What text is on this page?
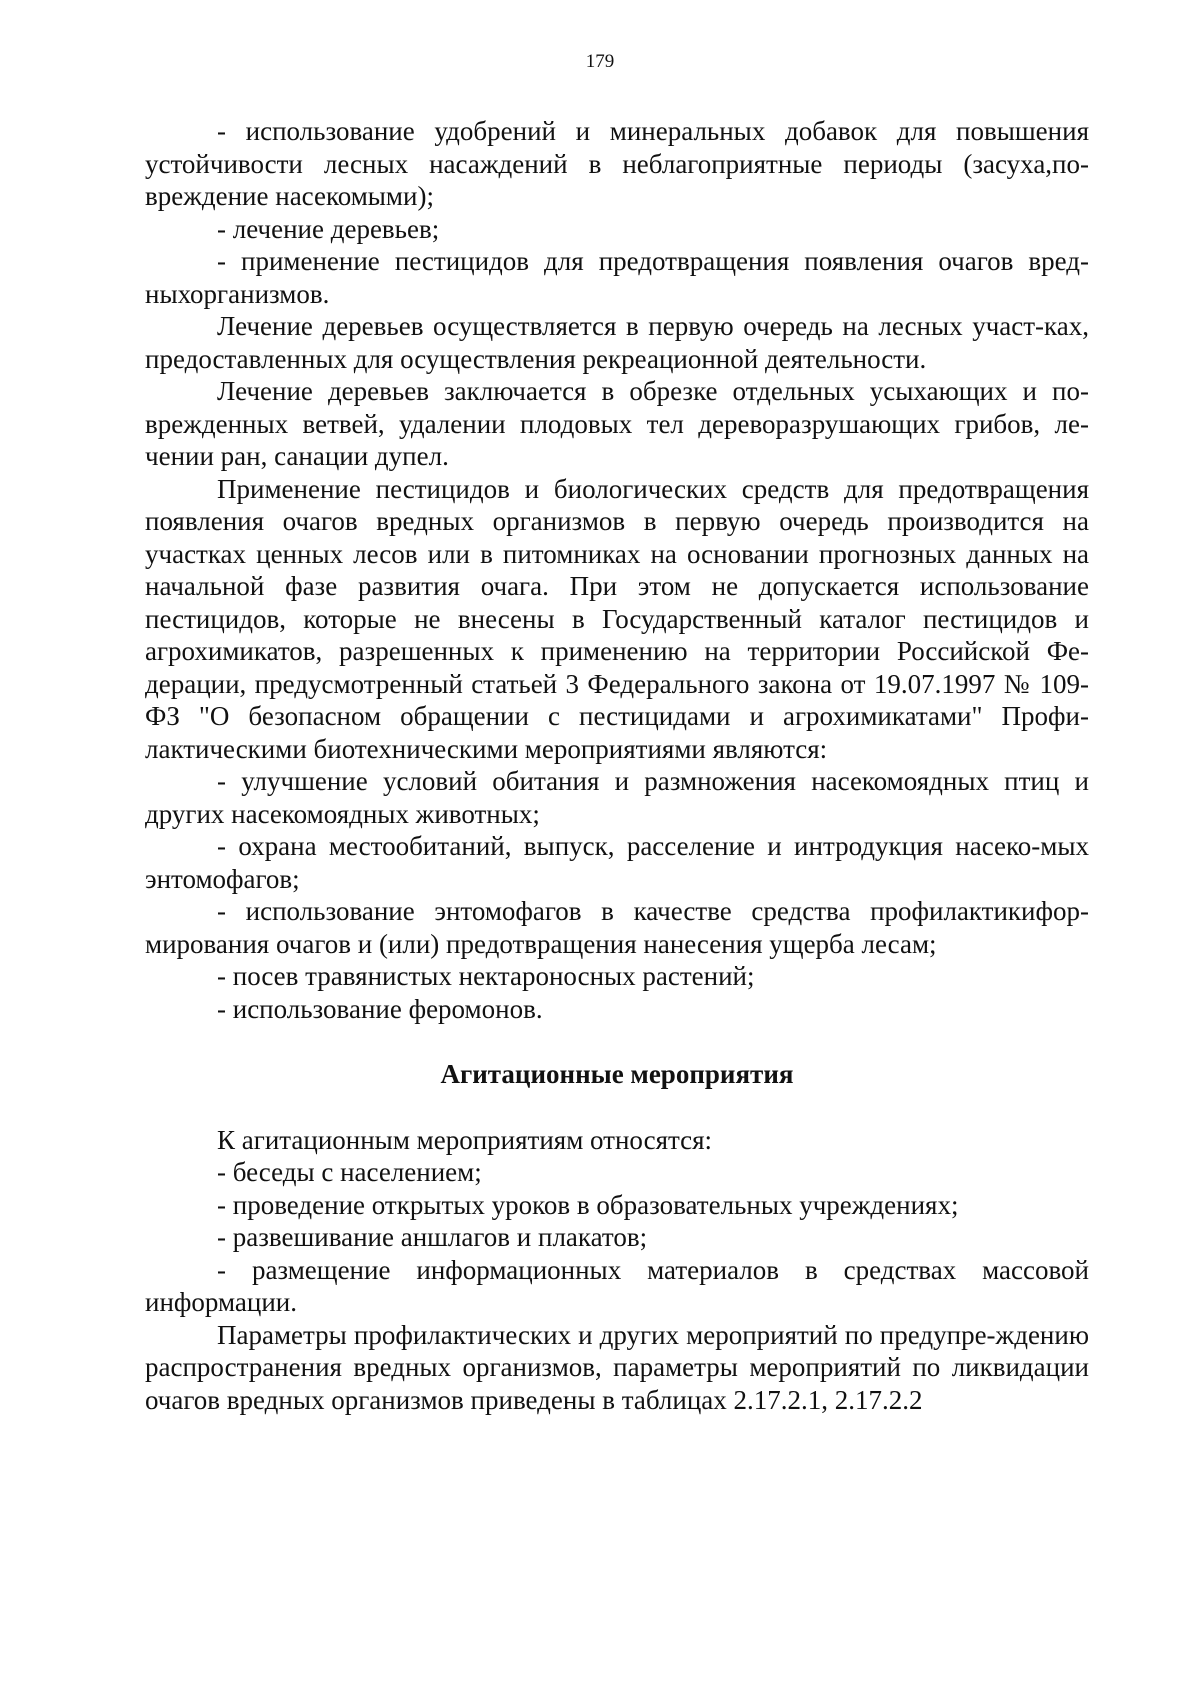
179

- использование удобрений и минеральных добавок для повышения устойчивости лесных насаждений в неблагоприятные периоды (засуха,по-вреждение насекомыми);

- лечение деревьев;

- применение пестицидов для предотвращения появления очагов вред-ныхорганизмов.

Лечение деревьев осуществляется в первую очередь на лесных участ-ках, предоставленных для осуществления рекреационной деятельности.

Лечение деревьев заключается в обрезке отдельных усыхающих и по-врежденных ветвей, удалении плодовых тел дереворазрушающих грибов, ле-чении ран, санации дупел.

Применение пестицидов и биологических средств для предотвращения появления очагов вредных организмов в первую очередь производится на участках ценных лесов или в питомниках на основании прогнозных данных на начальной фазе развития очага. При этом не допускается использование пестицидов, которые не внесены в Государственный каталог пестицидов и агрохимикатов, разрешенных к применению на территории Российской Фе-дерации, предусмотренный статьей 3 Федерального закона от 19.07.1997 № 109-ФЗ "О безопасном обращении с пестицидами и агрохимикатами" Профи-лактическими биотехническими мероприятиями являются:

- улучшение условий обитания и размножения насекомоядных птиц и других насекомоядных животных;

- охрана местообитаний, выпуск, расселение и интродукция насеко-мых энтомофагов;

- использование энтомофагов в качестве средства профилактикифор-мирования очагов и (или) предотвращения нанесения ущерба лесам;

- посев травянистых нектароносных растений;

- использование феромонов.

Агитационные мероприятия

К агитационным мероприятиям относятся:

- беседы с населением;

- проведение открытых уроков в образовательных учреждениях;

- развешивание аншлагов и плакатов;

- размещение информационных материалов в средствах массовой информации.

Параметры профилактических и других мероприятий по предупре-ждению распространения вредных организмов, параметры мероприятий по ликвидации очагов вредных организмов приведены в таблицах 2.17.2.1, 2.17.2.2
